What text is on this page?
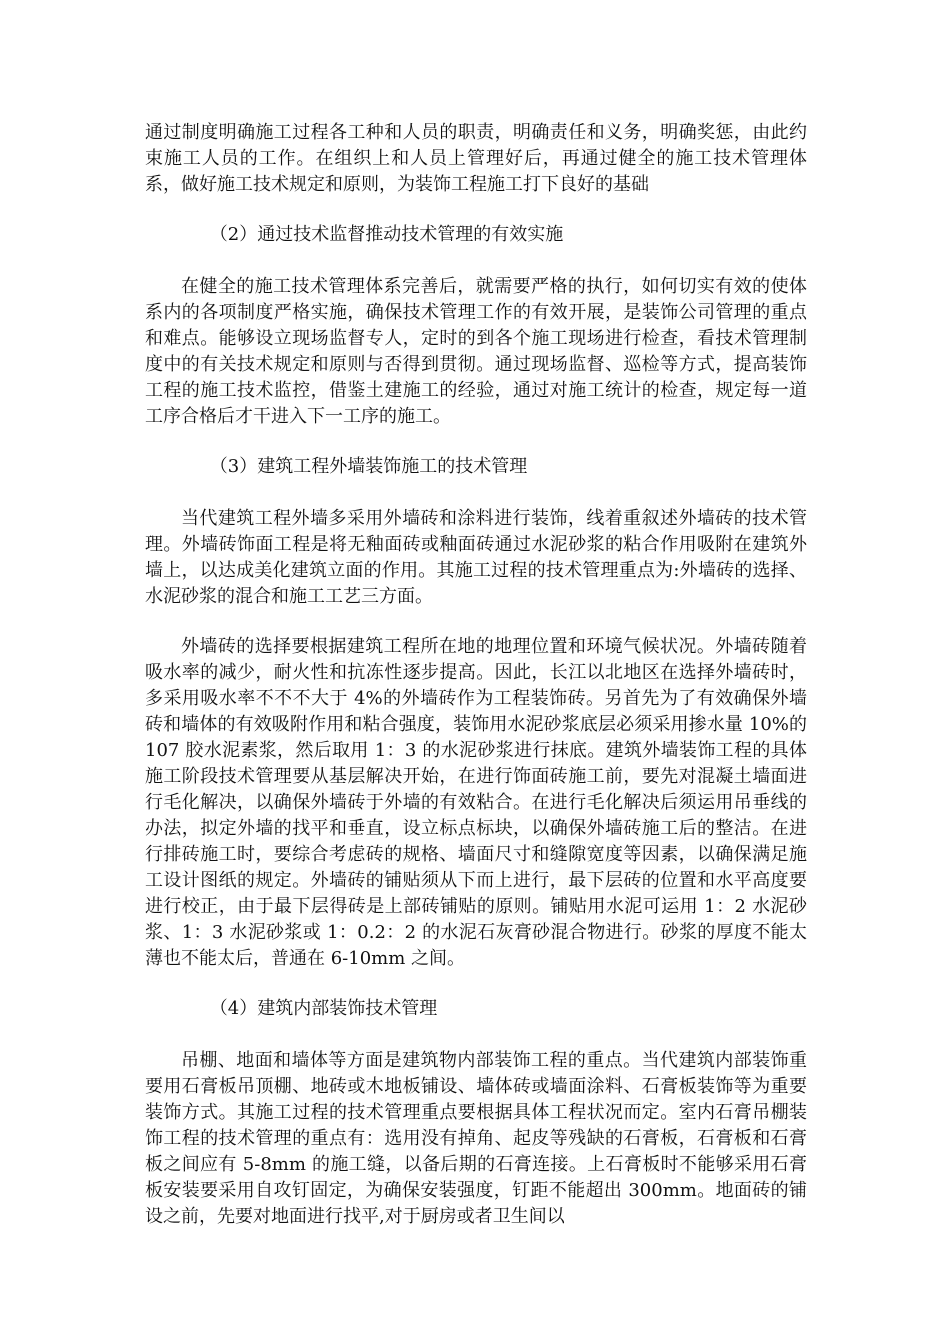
通过制度明确施工过程各工种和人员的职责，明确责任和义务，明确奖惩，由此约束施工人员的工作。在组织上和人员上管理好后，再通过健全的施工技术管理体系，做好施工技术规定和原则，为装饰工程施工打下良好的基础

（2）通过技术监督推动技术管理的有效实施

在健全的施工技术管理体系完善后，就需要严格的执行，如何切实有效的使体系内的各项制度严格实施，确保技术管理工作的有效开展，是装饰公司管理的重点和难点。能够设立现场监督专人，定时的到各个施工现场进行检查，看技术管理制度中的有关技术规定和原则与否得到贯彻。通过现场监督、巡检等方式，提高装饰工程的施工技术监控，借鉴土建施工的经验，通过对施工统计的检查，规定每一道工序合格后才干进入下一工序的施工。

（3）建筑工程外墙装饰施工的技术管理

当代建筑工程外墙多采用外墙砖和涂料进行装饰，线着重叙述外墙砖的技术管理。外墙砖饰面工程是将无釉面砖或釉面砖通过水泥砂浆的粘合作用吸附在建筑外墙上，以达成美化建筑立面的作用。其施工过程的技术管理重点为:外墙砖的选择、水泥砂浆的混合和施工工艺三方面。

外墙砖的选择要根据建筑工程所在地的地理位置和环境气候状况。外墙砖随着吸水率的减少，耐火性和抗冻性逐步提高。因此，长江以北地区在选择外墙砖时，多采用吸水率不不不大于 4%的外墙砖作为工程装饰砖。另首先为了有效确保外墙砖和墙体的有效吸附作用和粘合强度，装饰用水泥砂浆底层必须采用掺水量 10%的 107 胶水泥素浆，然后取用 1：3 的水泥砂浆进行抹底。建筑外墙装饰工程的具体施工阶段技术管理要从基层解决开始，在进行饰面砖施工前，要先对混凝土墙面进行毛化解决，以确保外墙砖于外墙的有效粘合。在进行毛化解决后须运用吊垂线的办法，拟定外墙的找平和垂直，设立标点标块，以确保外墙砖施工后的整洁。在进行排砖施工时，要综合考虑砖的规格、墙面尺寸和缝隙宽度等因素，以确保满足施工设计图纸的规定。外墙砖的铺贴须从下而上进行，最下层砖的位置和水平高度要进行校正，由于最下层得砖是上部砖铺贴的原则。铺贴用水泥可运用 1：2 水泥砂浆、1：3 水泥砂浆或 1：0.2：2 的水泥石灰膏砂混合物进行。砂浆的厚度不能太薄也不能太后，普通在 6-10mm 之间。

（4）建筑内部装饰技术管理

吊棚、地面和墙体等方面是建筑物内部装饰工程的重点。当代建筑内部装饰重要用石膏板吊顶棚、地砖或木地板铺设、墙体砖或墙面涂料、石膏板装饰等为重要装饰方式。其施工过程的技术管理重点要根据具体工程状况而定。室内石膏吊棚装饰工程的技术管理的重点有：选用没有掉角、起皮等残缺的石膏板，石膏板和石膏板之间应有 5-8mm 的施工缝，以备后期的石膏连接。上石膏板时不能够采用石膏板安装要采用自攻钉固定，为确保安装强度，钉距不能超出 300mm。地面砖的铺设之前，先要对地面进行找平,对于厨房或者卫生间以
